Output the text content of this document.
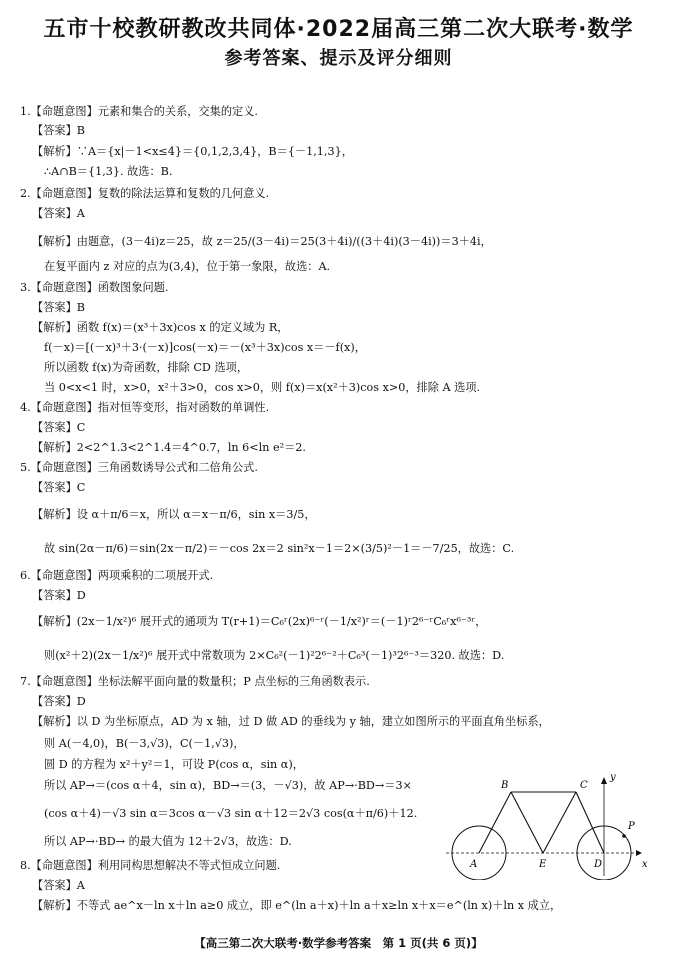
五市十校教研教改共同体·2022届高三第二次大联考·数学
参考答案、提示及评分细则
1.【命题意图】元素和集合的关系，交集的定义.
【答案】B
【解析】∵A＝{x|－1<x≤4}＝{0,1,2,3,4}，B＝{－1,1,3}，
∴A∩B＝{1,3}. 故选：B.
2.【命题意图】复数的除法运算和复数的几何意义.
【答案】A
【解析】由题意，(3－4i)z＝25，故 z＝25/(3－4i)＝25(3＋4i)/((3＋4i)(3－4i))＝3＋4i，
在复平面内 z 对应的点为(3,4)，位于第一象限，故选：A.
3.【命题意图】函数图象问题.
【答案】B
【解析】函数 f(x)＝(x³＋3x)cos x 的定义域为 R，
f(－x)＝[(－x)³＋3·(－x)]cos(－x)＝－(x³＋3x)cos x＝－f(x)，
所以函数 f(x)为奇函数，排除 CD 选项，
当 0<x<1 时，x>0，x²＋3>0，cos x>0，则 f(x)＝x(x²＋3)cos x>0，排除 A 选项.
4.【命题意图】指对恒等变形，指对函数的单调性.
【答案】C
【解析】2<2^1.3<2^1.4＝4^0.7，ln 6<ln e²＝2.
5.【命题意图】三角函数诱导公式和二倍角公式.
【答案】C
【解析】设 α＋π/6＝x，所以 α＝x－π/6，sin x＝3/5，
故 sin(2α－π/6)＝sin(2x－π/2)＝－cos 2x＝2 sin²x－1＝2×(3/5)²－1＝－7/25，故选：C.
6.【命题意图】两项乘积的二项展开式.
【答案】D
【解析】(2x－1/x²)⁶ 展开式的通项为 T(r+1)＝C₆ʳ(2x)⁶⁻ʳ(－1/x²)ʳ＝(－1)ʳ2⁶⁻ʳC₆ʳx⁶⁻³ʳ，
则(x²＋2)(2x－1/x²)⁶ 展开式中常数项为 2×C₆²(－1)²2⁶⁻²＋C₆³(－1)³2⁶⁻³＝320. 故选：D.
7.【命题意图】坐标法解平面向量的数量积；P 点坐标的三角函数表示.
【答案】D
【解析】以 D 为坐标原点，AD 为 x 轴，过 D 做 AD 的垂线为 y 轴，建立如图所示的平面直角坐标系，
则 A(－4,0)，B(－3,√3)，C(－1,√3)，
圆 D 的方程为 x²＋y²＝1，可设 P(cos α，sin α)，
所以 AP→＝(cos α＋4，sin α)，BD→＝(3，－√3)，故 AP→·BD→＝3×
(cos α＋4)－√3 sin α＝3cos α－√3 sin α＋12＝2√3 cos(α＋π/6)＋12.
所以 AP→·BD→ 的最大值为 12＋2√3，故选：D.
8.【命题意图】利用同构思想解决不等式恒成立问题.
【答案】A
【解析】不等式 ae^x－ln x＋ln a≥0 成立，即 e^(ln a＋x)＋ln a＋x≥ln x＋x＝e^(ln x)＋ln x 成立，
B	C
y
P
A	E	D	x
【高三第二次大联考·数学参考答案　第 1 页(共 6 页)】
